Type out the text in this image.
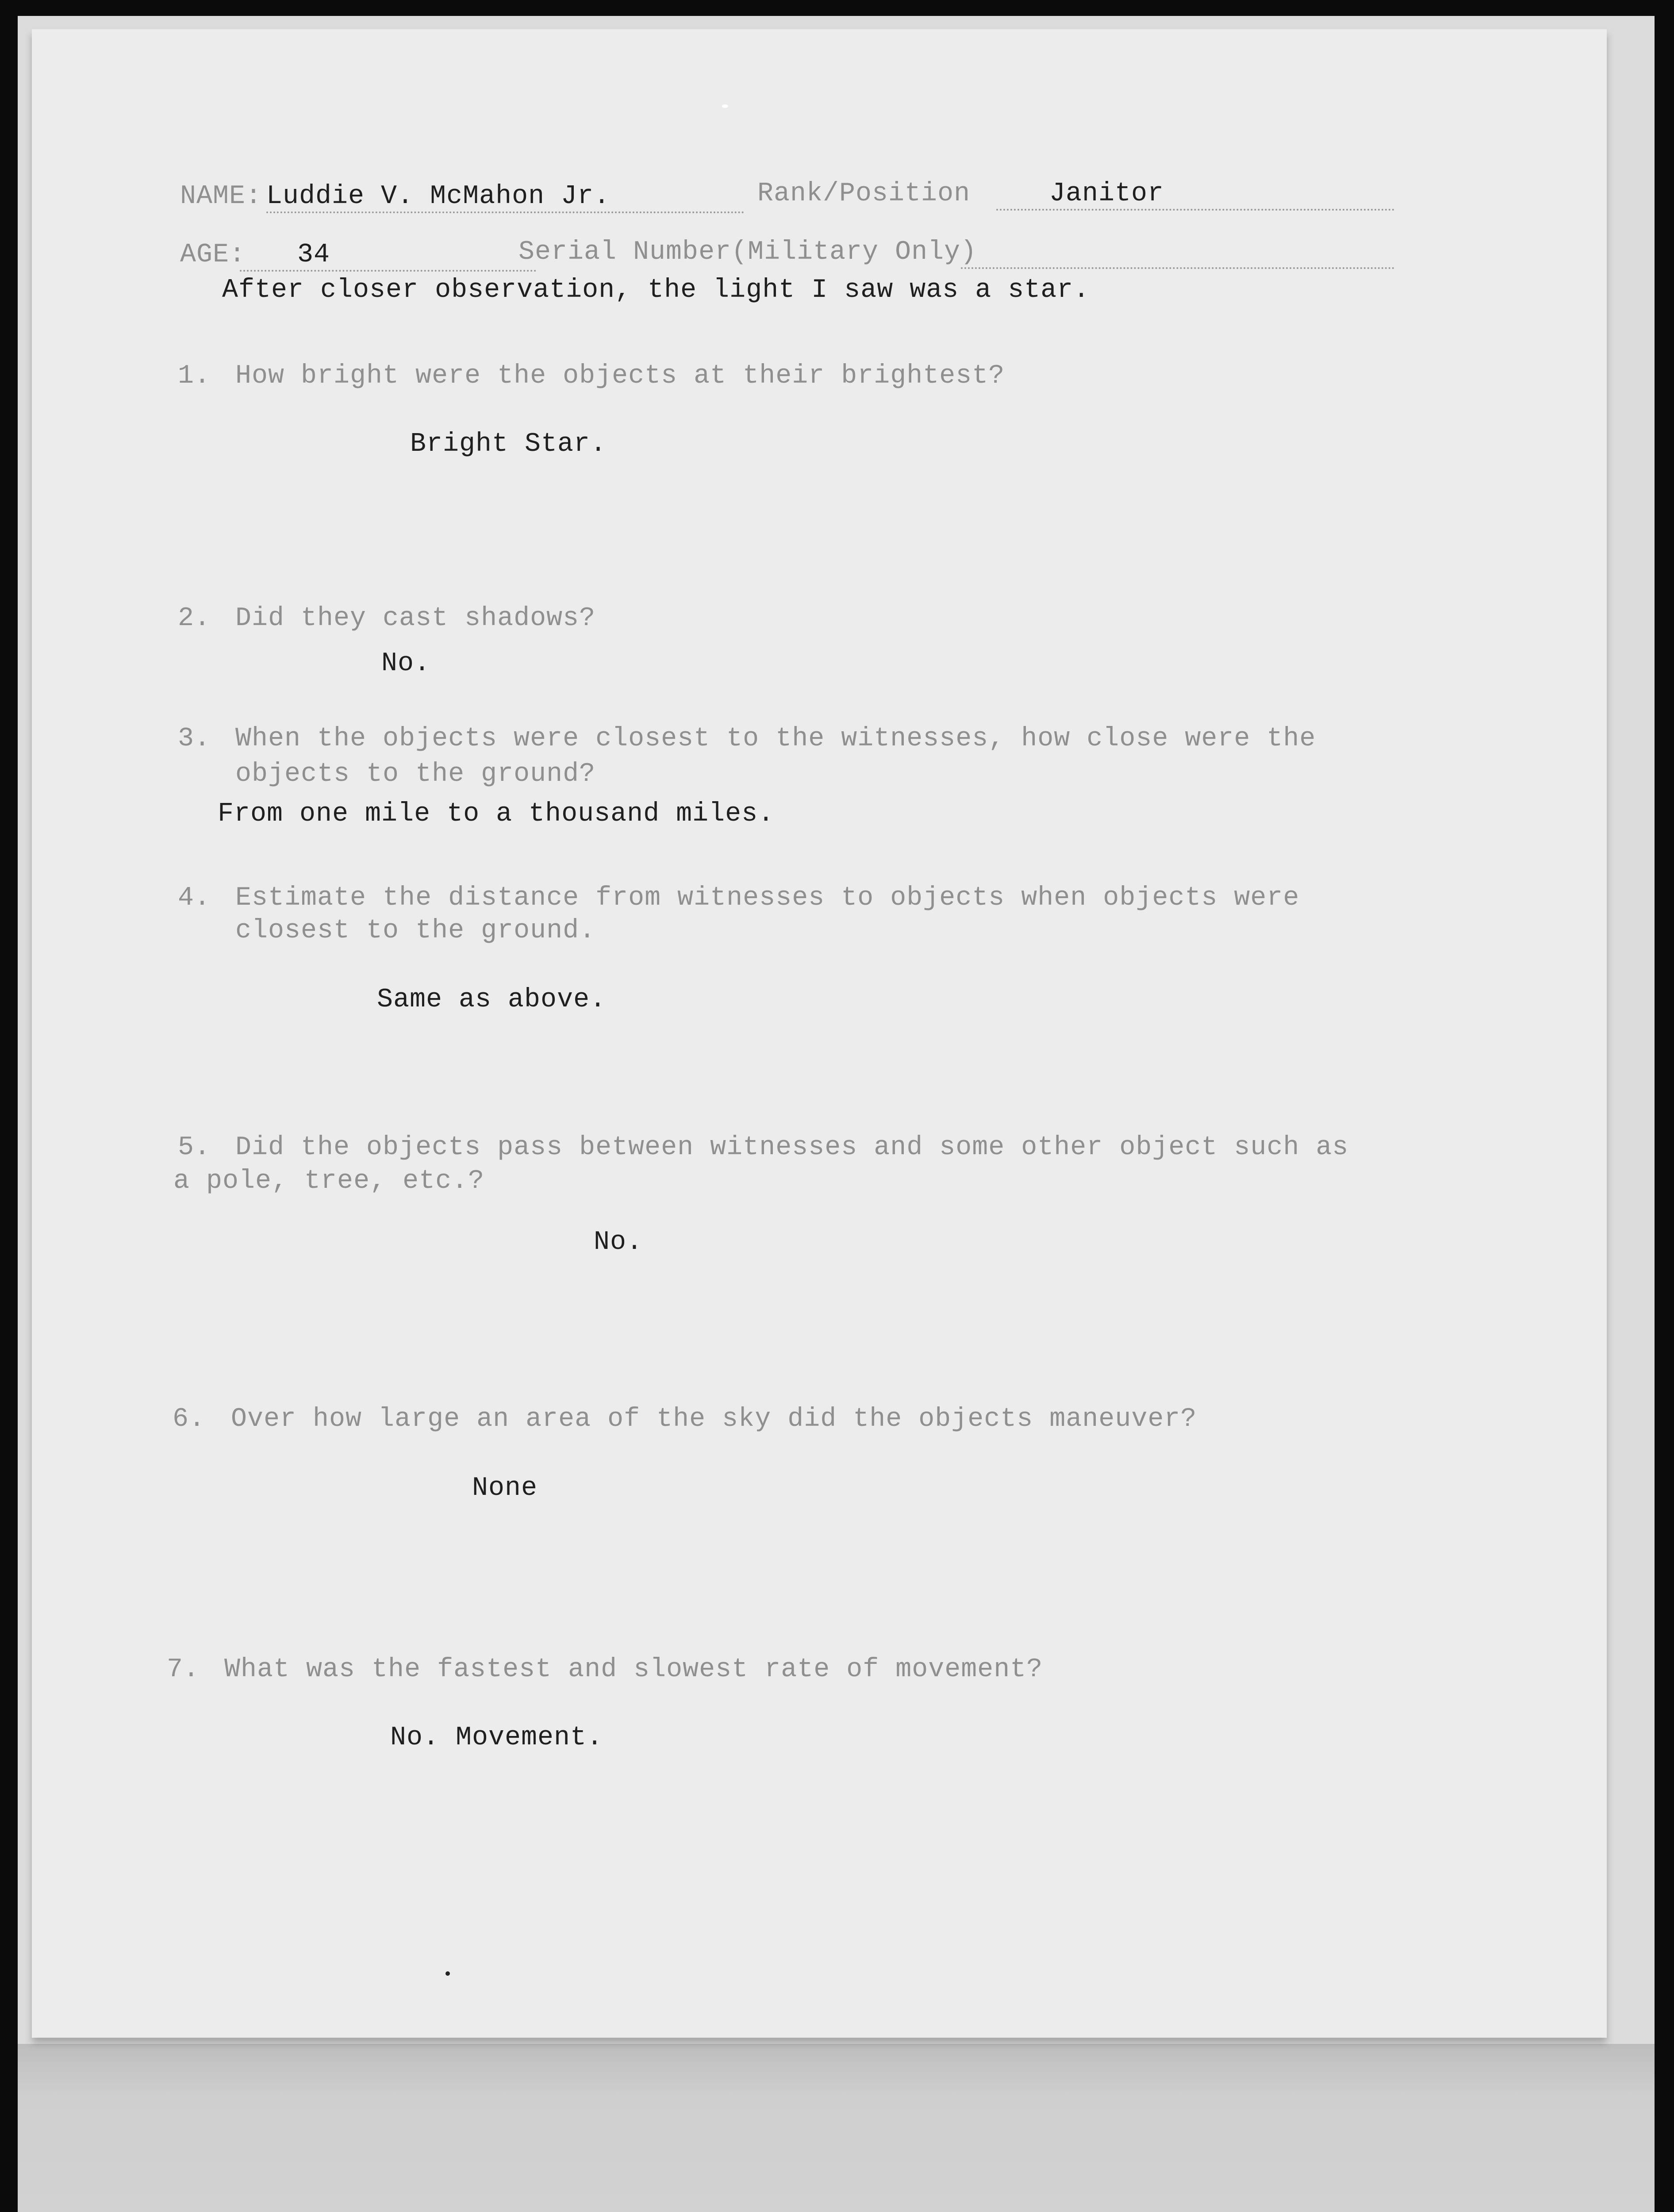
NAME: Luddie V. McMahon Jr.	Rank/Position	Janitor
AGE: 34	Serial Number(Military Only)
After closer observation, the light I saw was a star.
1. How bright were the objects at their brightest?
Bright Star.
2. Did they cast shadows?
No.
3. When the objects were closest to the witnesses, how close were the
objects to the ground?
From one mile to a thousand miles.
4. Estimate the distance from witnesses to objects when objects were
closest to the ground.
Same as above.
5. Did the objects pass between witnesses and some other object such as
a pole, tree, etc.?
No.
6. Over how large an area of the sky did the objects maneuver?
None
7. What was the fastest and slowest rate of movement?
No. Movement.
